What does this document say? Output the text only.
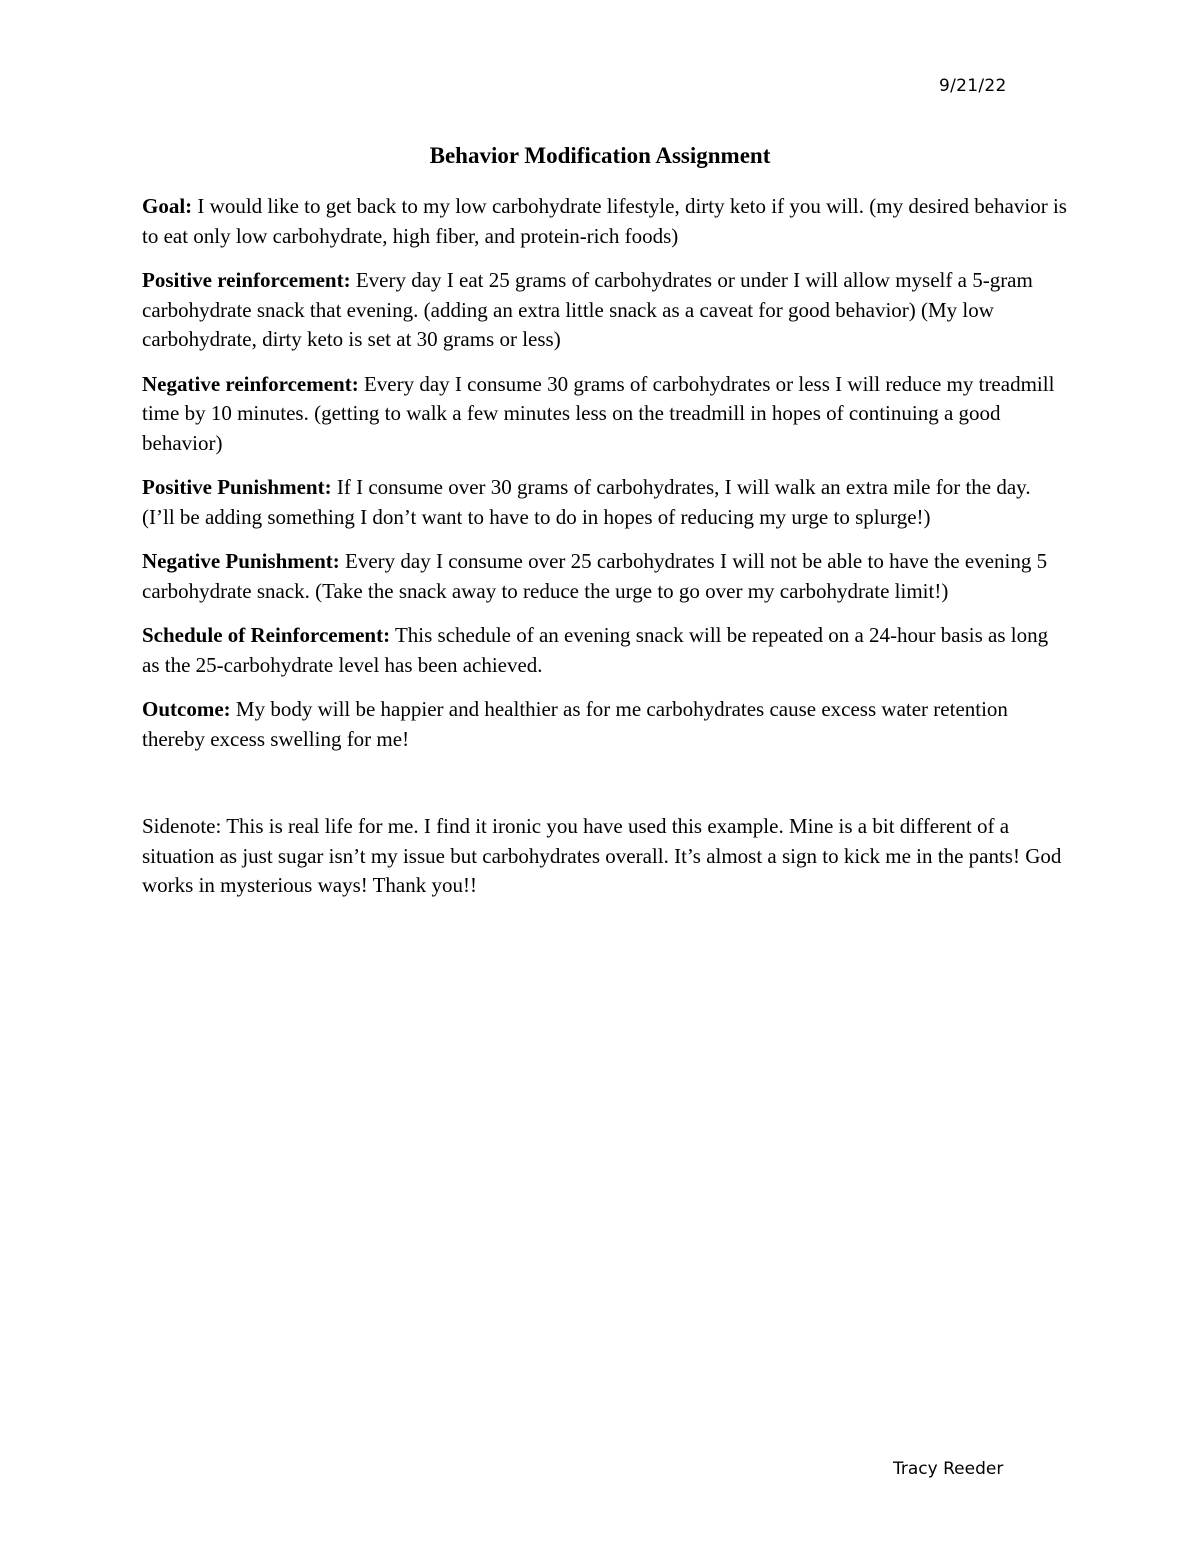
9/21/22
Behavior Modification Assignment

Goal: I would like to get back to my low carbohydrate lifestyle, dirty keto if you will. (my desired behavior is to eat only low carbohydrate, high fiber, and protein-rich foods)

Positive reinforcement: Every day I eat 25 grams of carbohydrates or under I will allow myself a 5-gram carbohydrate snack that evening. (adding an extra little snack as a caveat for good behavior) (My low carbohydrate, dirty keto is set at 30 grams or less)

Negative reinforcement: Every day I consume 30 grams of carbohydrates or less I will reduce my treadmill time by 10 minutes. (getting to walk a few minutes less on the treadmill in hopes of continuing a good behavior)

Positive Punishment: If I consume over 30 grams of carbohydrates, I will walk an extra mile for the day. (I’ll be adding something I don’t want to have to do in hopes of reducing my urge to splurge!)

Negative Punishment: Every day I consume over 25 carbohydrates I will not be able to have the evening 5 carbohydrate snack. (Take the snack away to reduce the urge to go over my carbohydrate limit!)

Schedule of Reinforcement: This schedule of an evening snack will be repeated on a 24-hour basis as long as the 25-carbohydrate level has been achieved.

Outcome: My body will be happier and healthier as for me carbohydrates cause excess water retention thereby excess swelling for me!

Sidenote: This is real life for me. I find it ironic you have used this example. Mine is a bit different of a situation as just sugar isn’t my issue but carbohydrates overall. It’s almost a sign to kick me in the pants! God works in mysterious ways! Thank you!!

Tracy Reeder
